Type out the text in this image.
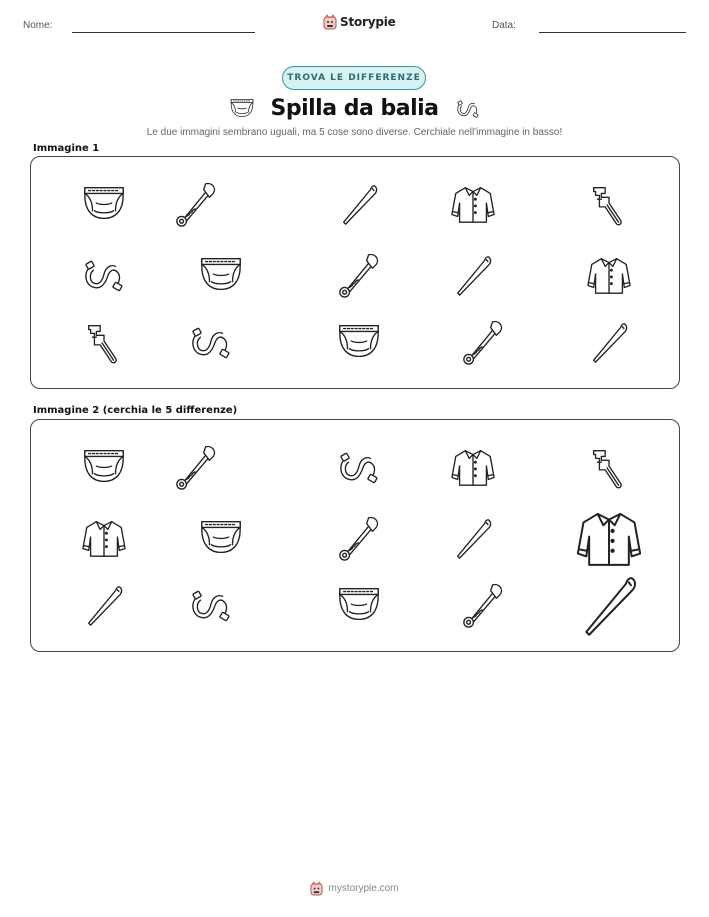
Nome:	Storypie	Data:
TROVA LE DIFFERENZE
Spilla da balia
Le due immagini sembrano uguali, ma 5 cose sono diverse. Cerchiale nell'immagine in basso!
Immagine 1
Immagine 2 (cerchia le 5 differenze)
mystorypie.com
